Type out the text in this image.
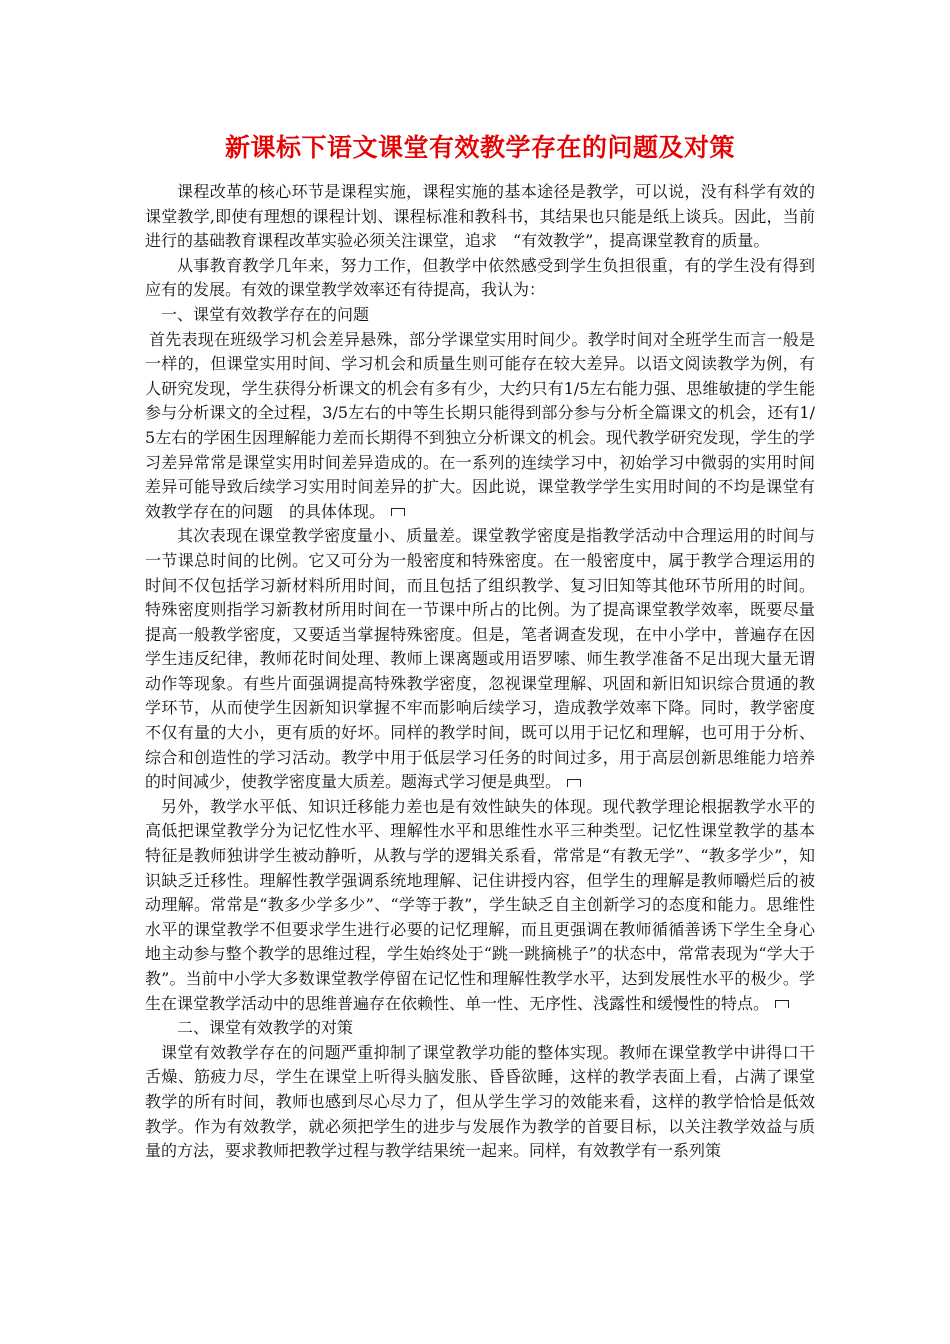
新课标下语文课堂有效教学存在的问题及对策

课程改革的核心环节是课程实施，课程实施的基本途径是教学，可以说，没有科学有效的课堂教学,即使有理想的课程计划、课程标准和教科书，其结果也只能是纸上谈兵。因此，当前进行的基础教育课程改革实验必须关注课堂，追求　“有效教学”，提高课堂教育的质量。

从事教育教学几年来，努力工作，但教学中依然感受到学生负担很重，有的学生没有得到应有的发展。有效的课堂教学效率还有待提高，我认为：

一、课堂有效教学存在的问题

首先表现在班级学习机会差异悬殊，部分学课堂实用时间少。教学时间对全班学生而言一般是一样的，但课堂实用时间、学习机会和质量生则可能存在较大差异。以语文阅读教学为例，有人研究发现，学生获得分析课文的机会有多有少，大约只有1/5左右能力强、思维敏捷的学生能参与分析课文的全过程，3/5左右的中等生长期只能得到部分参与分析全篇课文的机会，还有1/5左右的学困生因理解能力差而长期得不到独立分析课文的机会。现代教学研究发现，学生的学习差异常常是课堂实用时间差异造成的。在一系列的连续学习中，初始学习中微弱的实用时间差异可能导致后续学习实用时间差异的扩大。因此说，课堂教学学生实用时间的不均是课堂有效教学存在的问题　的具体体现。

其次表现在课堂教学密度量小、质量差。课堂教学密度是指教学活动中合理运用的时间与一节课总时间的比例。它又可分为一般密度和特殊密度。在一般密度中，属于教学合理运用的时间不仅包括学习新材料所用时间，而且包括了组织教学、复习旧知等其他环节所用的时间。特殊密度则指学习新教材所用时间在一节课中所占的比例。为了提高课堂教学效率，既要尽量提高一般教学密度，又要适当掌握特殊密度。但是，笔者调查发现，在中小学中，普遍存在因学生违反纪律，教师花时间处理、教师上课离题或用语罗嗦、师生教学准备不足出现大量无谓动作等现象。有些片面强调提高特殊教学密度，忽视课堂理解、巩固和新旧知识综合贯通的教学环节，从而使学生因新知识掌握不牢而影响后续学习，造成教学效率下降。同时，教学密度不仅有量的大小，更有质的好坏。同样的教学时间，既可以用于记忆和理解，也可用于分析、综合和创造性的学习活动。教学中用于低层学习任务的时间过多，用于高层创新思维能力培养的时间减少，使教学密度量大质差。题海式学习便是典型。

另外，教学水平低、知识迁移能力差也是有效性缺失的体现。现代教学理论根据教学水平的高低把课堂教学分为记忆性水平、理解性水平和思维性水平三种类型。记忆性课堂教学的基本特征是教师独讲学生被动静听，从教与学的逻辑关系看，常常是“有教无学”、“教多学少”，知识缺乏迁移性。理解性教学强调系统地理解、记住讲授内容，但学生的理解是教师嚼烂后的被动理解。常常是“教多少学多少”、“学等于教”，学生缺乏自主创新学习的态度和能力。思维性水平的课堂教学不但要求学生进行必要的记忆理解，而且更强调在教师循循善诱下学生全身心地主动参与整个教学的思维过程，学生始终处于“跳一跳摘桃子”的状态中，常常表现为“学大于教”。当前中小学大多数课堂教学停留在记忆性和理解性教学水平，达到发展性水平的极少。学生在课堂教学活动中的思维普遍存在依赖性、单一性、无序性、浅露性和缓慢性的特点。

二、课堂有效教学的对策

课堂有效教学存在的问题严重抑制了课堂教学功能的整体实现。教师在课堂教学中讲得口干舌燥、筋疲力尽，学生在课堂上听得头脑发胀、昏昏欲睡，这样的教学表面上看，占满了课堂教学的所有时间，教师也感到尽心尽力了，但从学生学习的效能来看，这样的教学恰恰是低效教学。作为有效教学，就必须把学生的进步与发展作为教学的首要目标，以关注教学效益与质量的方法，要求教师把教学过程与教学结果统一起来。同样，有效教学有一系列策
